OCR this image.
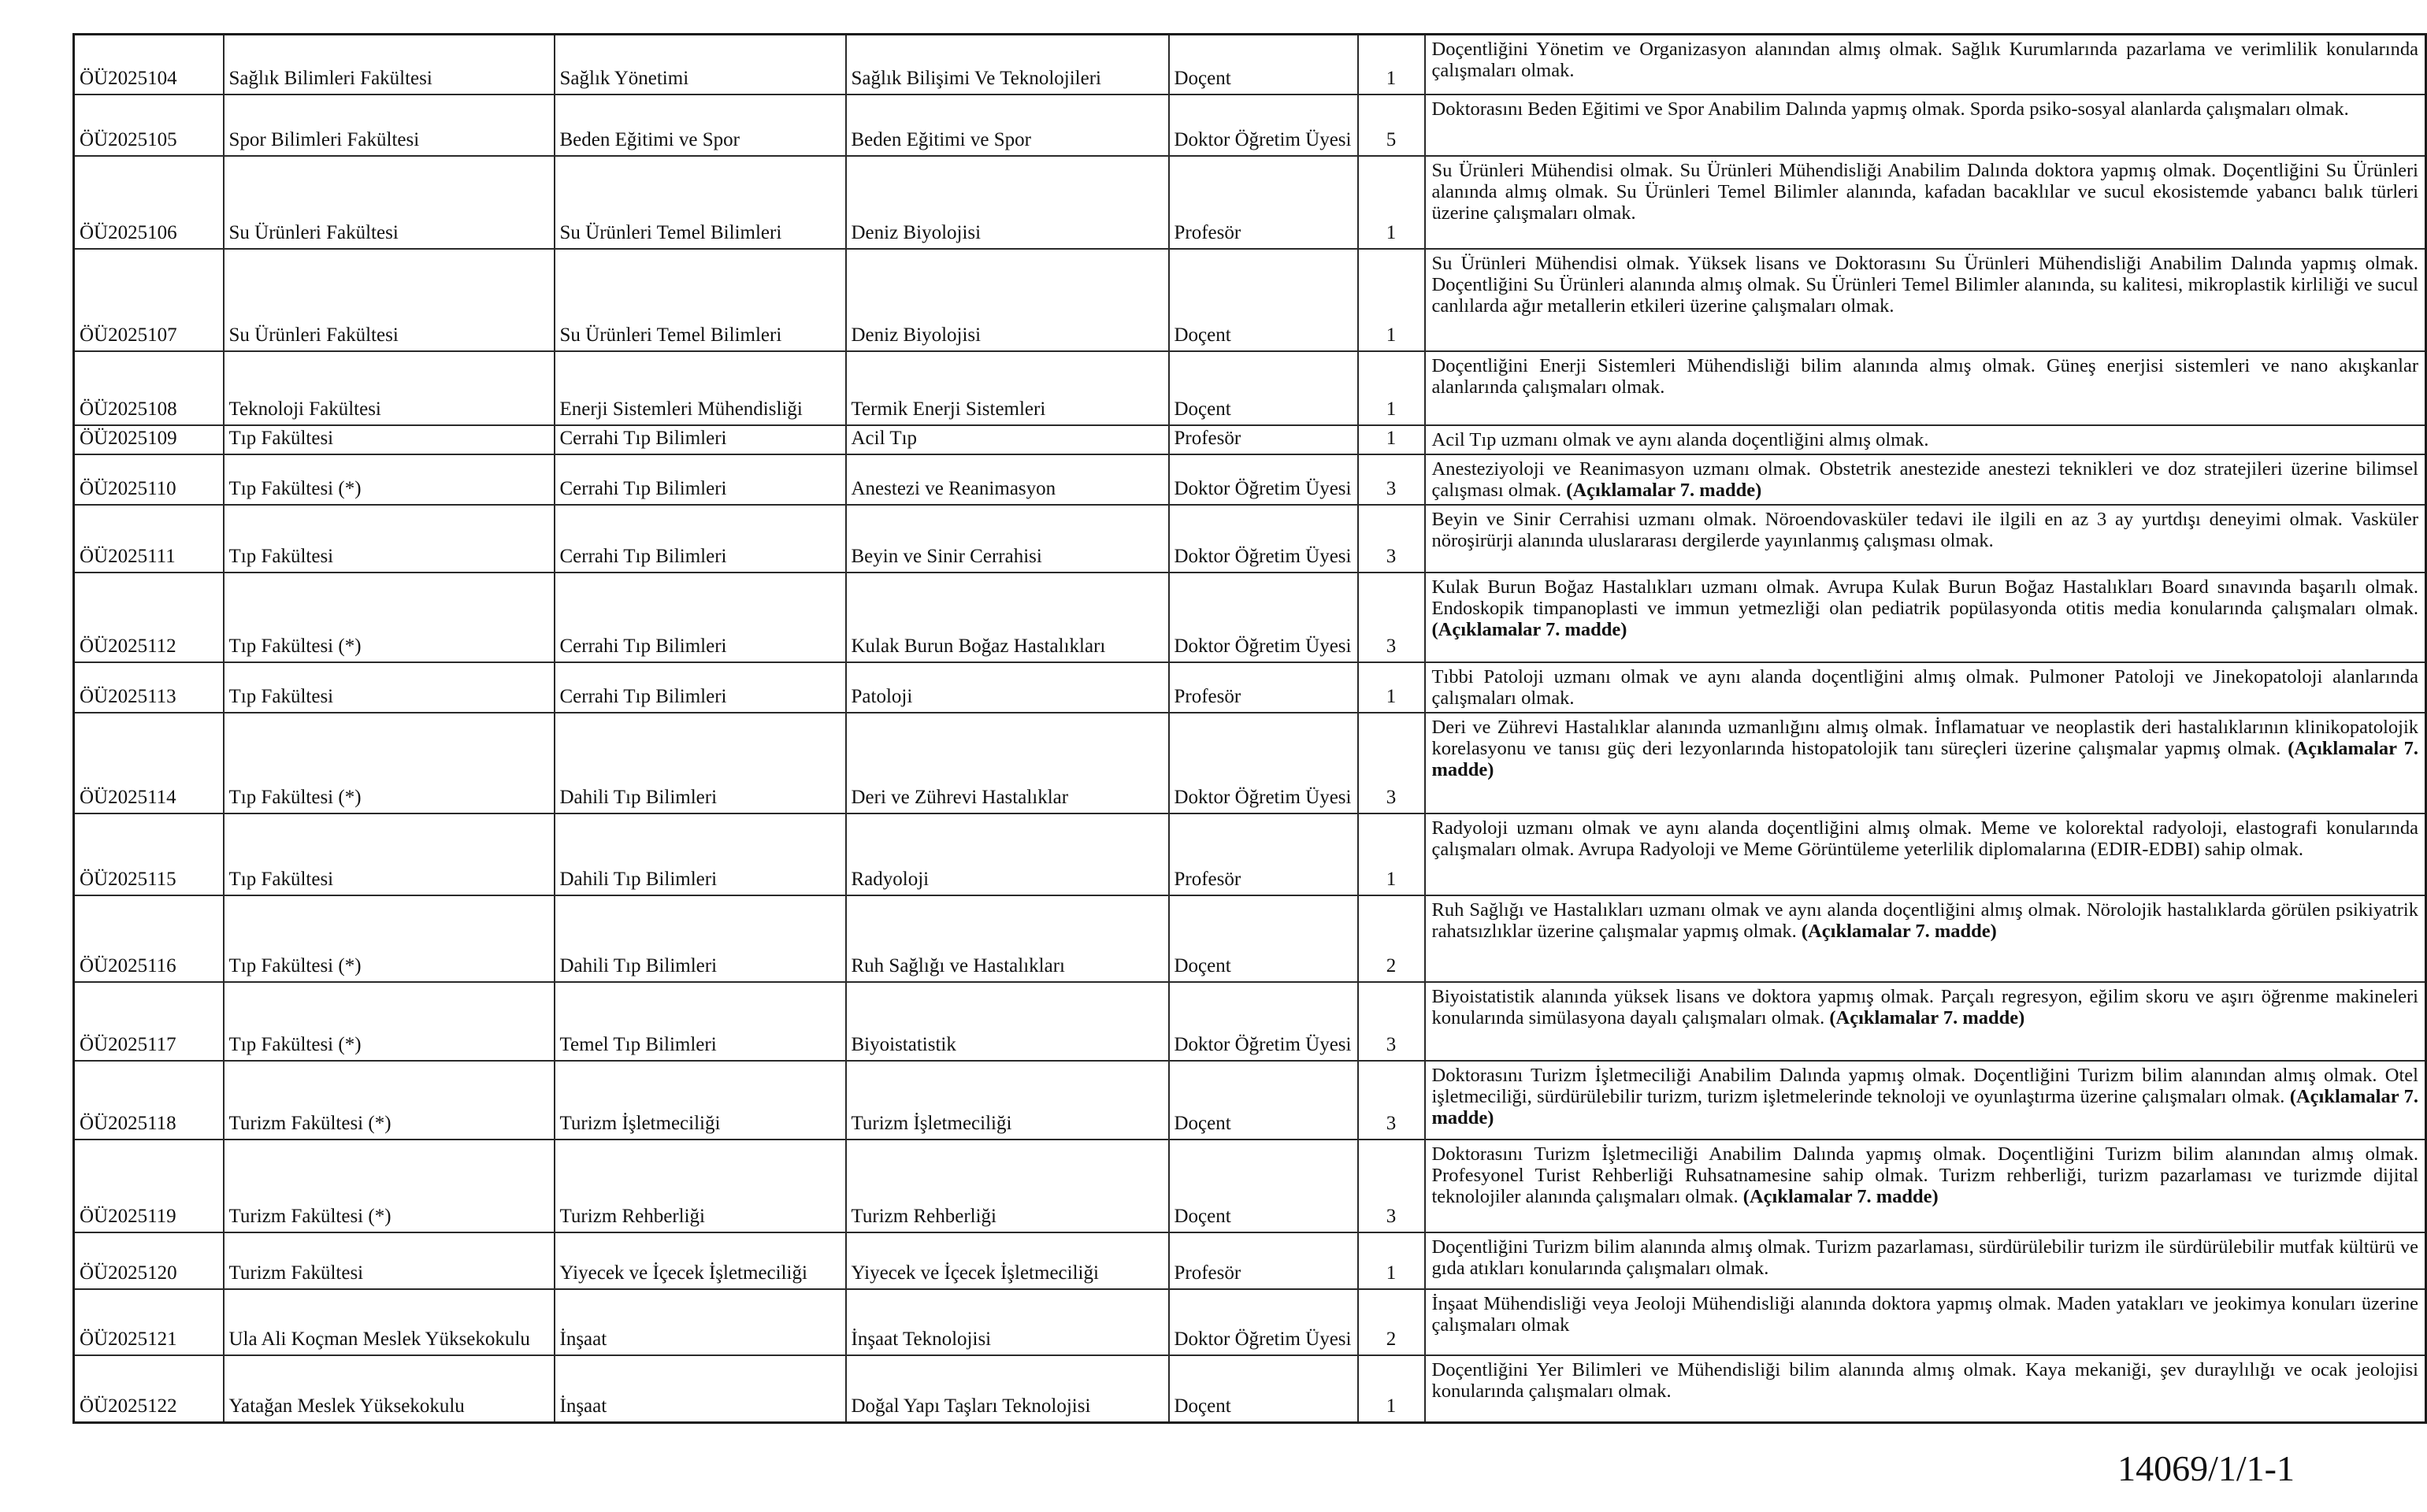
ÖÜ2025104	Sağlık Bilimleri Fakültesi	Sağlık Yönetimi	Sağlık Bilişimi Ve Teknolojileri	Doçent	1	Doçentliğini Yönetim ve Organizasyon alanından almış olmak. Sağlık Kurumlarında pazarlama ve verimlilik konularında çalışmaları olmak.
ÖÜ2025105	Spor Bilimleri Fakültesi	Beden Eğitimi ve Spor	Beden Eğitimi ve Spor	Doktor Öğretim Üyesi	5	Doktorasını Beden Eğitimi ve Spor Anabilim Dalında yapmış olmak. Sporda psiko-sosyal alanlarda çalışmaları olmak.
ÖÜ2025106	Su Ürünleri Fakültesi	Su Ürünleri Temel Bilimleri	Deniz Biyolojisi	Profesör	1	Su Ürünleri Mühendisi olmak. Su Ürünleri Mühendisliği Anabilim Dalında doktora yapmış olmak. Doçentliğini Su Ürünleri alanında almış olmak. Su Ürünleri Temel Bilimler alanında, kafadan bacaklılar ve sucul ekosistemde yabancı balık türleri üzerine çalışmaları olmak.
ÖÜ2025107	Su Ürünleri Fakültesi	Su Ürünleri Temel Bilimleri	Deniz Biyolojisi	Doçent	1	Su Ürünleri Mühendisi olmak. Yüksek lisans ve Doktorasını Su Ürünleri Mühendisliği Anabilim Dalında yapmış olmak. Doçentliğini Su Ürünleri alanında almış olmak. Su Ürünleri Temel Bilimler alanında, su kalitesi, mikroplastik kirliliği ve sucul canlılarda ağır metallerin etkileri üzerine çalışmaları olmak.
ÖÜ2025108	Teknoloji Fakültesi	Enerji Sistemleri Mühendisliği	Termik Enerji Sistemleri	Doçent	1	Doçentliğini Enerji Sistemleri Mühendisliği bilim alanında almış olmak. Güneş enerjisi sistemleri ve nano akışkanlar alanlarında çalışmaları olmak.
ÖÜ2025109	Tıp Fakültesi	Cerrahi Tıp Bilimleri	Acil Tıp	Profesör	1	Acil Tıp uzmanı olmak ve aynı alanda doçentliğini almış olmak.
ÖÜ2025110	Tıp Fakültesi (*)	Cerrahi Tıp Bilimleri	Anestezi ve Reanimasyon	Doktor Öğretim Üyesi	3	Anesteziyoloji ve Reanimasyon uzmanı olmak. Obstetrik anestezide anestezi teknikleri ve doz stratejileri üzerine bilimsel çalışması olmak. (Açıklamalar 7. madde)
ÖÜ2025111	Tıp Fakültesi	Cerrahi Tıp Bilimleri	Beyin ve Sinir Cerrahisi	Doktor Öğretim Üyesi	3	Beyin ve Sinir Cerrahisi uzmanı olmak. Nöroendovasküler tedavi ile ilgili en az 3 ay yurtdışı deneyimi olmak. Vasküler nöroşirürji alanında uluslararası dergilerde yayınlanmış çalışması olmak.
ÖÜ2025112	Tıp Fakültesi (*)	Cerrahi Tıp Bilimleri	Kulak Burun Boğaz Hastalıkları	Doktor Öğretim Üyesi	3	Kulak Burun Boğaz Hastalıkları uzmanı olmak. Avrupa Kulak Burun Boğaz Hastalıkları Board sınavında başarılı olmak. Endoskopik timpanoplasti ve immun yetmezliği olan pediatrik popülasyonda otitis media konularında çalışmaları olmak. (Açıklamalar 7. madde)
ÖÜ2025113	Tıp Fakültesi	Cerrahi Tıp Bilimleri	Patoloji	Profesör	1	Tıbbi Patoloji uzmanı olmak ve aynı alanda doçentliğini almış olmak. Pulmoner Patoloji ve Jinekopatoloji alanlarında çalışmaları olmak.
ÖÜ2025114	Tıp Fakültesi (*)	Dahili Tıp Bilimleri	Deri ve Zührevi Hastalıklar	Doktor Öğretim Üyesi	3	Deri ve Zührevi Hastalıklar alanında uzmanlığını almış olmak. İnflamatuar ve neoplastik deri hastalıklarının klinikopatolojik korelasyonu ve tanısı güç deri lezyonlarında histopatolojik tanı süreçleri üzerine çalışmalar yapmış olmak. (Açıklamalar 7. madde)
ÖÜ2025115	Tıp Fakültesi	Dahili Tıp Bilimleri	Radyoloji	Profesör	1	Radyoloji uzmanı olmak ve aynı alanda doçentliğini almış olmak. Meme ve kolorektal radyoloji, elastografi konularında çalışmaları olmak. Avrupa Radyoloji ve Meme Görüntüleme yeterlilik diplomalarına (EDIR-EDBI) sahip olmak.
ÖÜ2025116	Tıp Fakültesi (*)	Dahili Tıp Bilimleri	Ruh Sağlığı ve Hastalıkları	Doçent	2	Ruh Sağlığı ve Hastalıkları uzmanı olmak ve aynı alanda doçentliğini almış olmak. Nörolojik hastalıklarda görülen psikiyatrik rahatsızlıklar üzerine çalışmalar yapmış olmak. (Açıklamalar 7. madde)
ÖÜ2025117	Tıp Fakültesi (*)	Temel Tıp Bilimleri	Biyoistatistik	Doktor Öğretim Üyesi	3	Biyoistatistik alanında yüksek lisans ve doktora yapmış olmak. Parçalı regresyon, eğilim skoru ve aşırı öğrenme makineleri konularında simülasyona dayalı çalışmaları olmak. (Açıklamalar 7. madde)
ÖÜ2025118	Turizm Fakültesi (*)	Turizm İşletmeciliği	Turizm İşletmeciliği	Doçent	3	Doktorasını Turizm İşletmeciliği Anabilim Dalında yapmış olmak. Doçentliğini Turizm bilim alanından almış olmak. Otel işletmeciliği, sürdürülebilir turizm, turizm işletmelerinde teknoloji ve oyunlaştırma üzerine çalışmaları olmak. (Açıklamalar 7. madde)
ÖÜ2025119	Turizm Fakültesi (*)	Turizm Rehberliği	Turizm Rehberliği	Doçent	3	Doktorasını Turizm İşletmeciliği Anabilim Dalında yapmış olmak. Doçentliğini Turizm bilim alanından almış olmak. Profesyonel Turist Rehberliği Ruhsatnamesine sahip olmak. Turizm rehberliği, turizm pazarlaması ve turizmde dijital teknolojiler alanında çalışmaları olmak. (Açıklamalar 7. madde)
ÖÜ2025120	Turizm Fakültesi	Yiyecek ve İçecek İşletmeciliği	Yiyecek ve İçecek İşletmeciliği	Profesör	1	Doçentliğini Turizm bilim alanında almış olmak. Turizm pazarlaması, sürdürülebilir turizm ile sürdürülebilir mutfak kültürü ve gıda atıkları konularında çalışmaları olmak.
ÖÜ2025121	Ula Ali Koçman Meslek Yüksekokulu	İnşaat	İnşaat Teknolojisi	Doktor Öğretim Üyesi	2	İnşaat Mühendisliği veya Jeoloji Mühendisliği alanında doktora yapmış olmak. Maden yatakları ve jeokimya konuları üzerine çalışmaları olmak
ÖÜ2025122	Yatağan Meslek Yüksekokulu	İnşaat	Doğal Yapı Taşları Teknolojisi	Doçent	1	Doçentliğini Yer Bilimleri ve Mühendisliği bilim alanında almış olmak. Kaya mekaniği, şev duraylılığı ve ocak jeolojisi konularında çalışmaları olmak.
14069/1/1-1
